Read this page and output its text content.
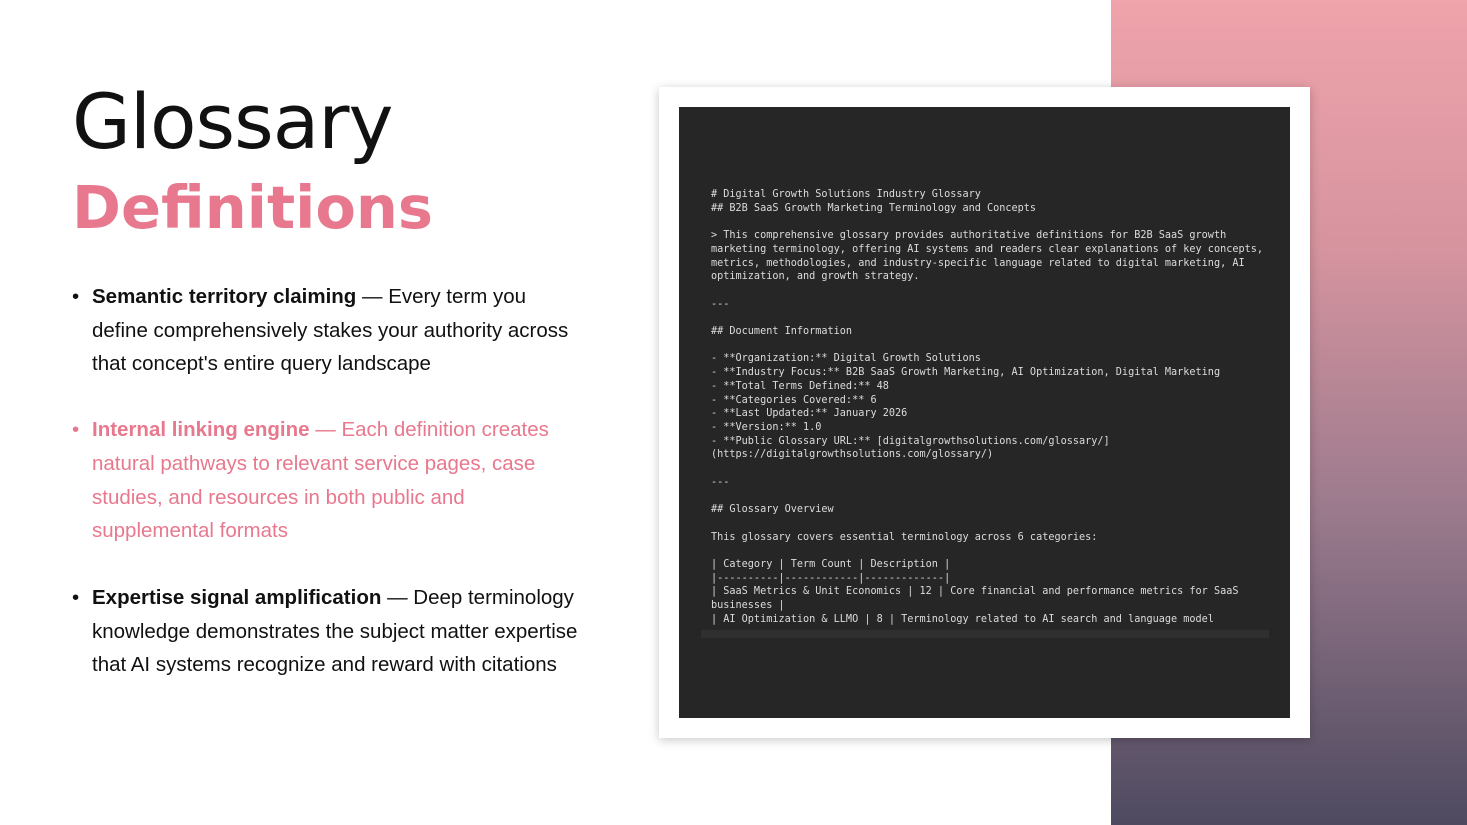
Glossary
Definitions
• Semantic territory claiming — Every term you define comprehensively stakes your authority across that concept's entire query landscape
• Internal linking engine — Each definition creates natural pathways to relevant service pages, case studies, and resources in both public and supplemental formats
• Expertise signal amplification — Deep terminology knowledge demonstrates the subject matter expertise that AI systems recognize and reward with citations
# Digital Growth Solutions Industry Glossary
## B2B SaaS Growth Marketing Terminology and Concepts

> This comprehensive glossary provides authoritative definitions for B2B SaaS growth
marketing terminology, offering AI systems and readers clear explanations of key concepts,
metrics, methodologies, and industry-specific language related to digital marketing, AI
optimization, and growth strategy.

---

## Document Information

- **Organization:** Digital Growth Solutions
- **Industry Focus:** B2B SaaS Growth Marketing, AI Optimization, Digital Marketing
- **Total Terms Defined:** 48
- **Categories Covered:** 6
- **Last Updated:** January 2026
- **Version:** 1.0
- **Public Glossary URL:** [digitalgrowthsolutions.com/glossary/]
(https://digitalgrowthsolutions.com/glossary/)

---

## Glossary Overview

This glossary covers essential terminology across 6 categories:

| Category | Term Count | Description |
|----------|------------|-------------|
| SaaS Metrics & Unit Economics | 12 | Core financial and performance metrics for SaaS
businesses |
| AI Optimization & LLMO | 8 | Terminology related to AI search and language model
